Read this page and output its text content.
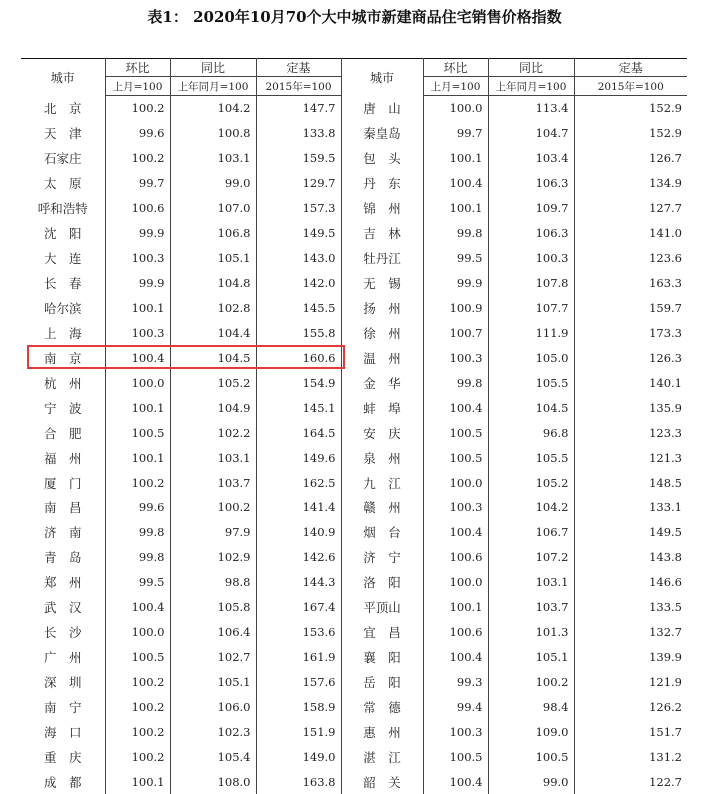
表1： 2020年10月70个大中城市新建商品住宅销售价格指数
城市	环比	同比	定基	城市	环比	同比	定基
	上月=100	上年同月=100	2015年=100		上月=100	上年同月=100	2015年=100
北　京	100.2	104.2	147.7	唐　山	100.0	113.4	152.9
天　津	99.6	100.8	133.8	秦皇岛	99.7	104.7	152.9
石家庄	100.2	103.1	159.5	包　头	100.1	103.4	126.7
太　原	99.7	99.0	129.7	丹　东	100.4	106.3	134.9
呼和浩特	100.6	107.0	157.3	锦　州	100.1	109.7	127.7
沈　阳	99.9	106.8	149.5	吉　林	99.8	106.3	141.0
大　连	100.3	105.1	143.0	牡丹江	99.5	100.3	123.6
长　春	99.9	104.8	142.0	无　锡	99.9	107.8	163.3
哈尔滨	100.1	102.8	145.5	扬　州	100.9	107.7	159.7
上　海	100.3	104.4	155.8	徐　州	100.7	111.9	173.3
南　京	100.4	104.5	160.6	温　州	100.3	105.0	126.3
杭　州	100.0	105.2	154.9	金　华	99.8	105.5	140.1
宁　波	100.1	104.9	145.1	蚌　埠	100.4	104.5	135.9
合　肥	100.5	102.2	164.5	安　庆	100.5	96.8	123.3
福　州	100.1	103.1	149.6	泉　州	100.5	105.5	121.3
厦　门	100.2	103.7	162.5	九　江	100.0	105.2	148.5
南　昌	99.6	100.2	141.4	赣　州	100.3	104.2	133.1
济　南	99.8	97.9	140.9	烟　台	100.4	106.7	149.5
青　岛	99.8	102.9	142.6	济　宁	100.6	107.2	143.8
郑　州	99.5	98.8	144.3	洛　阳	100.0	103.1	146.6
武　汉	100.4	105.8	167.4	平顶山	100.1	103.7	133.5
长　沙	100.0	106.4	153.6	宜　昌	100.6	101.3	132.7
广　州	100.5	102.7	161.9	襄　阳	100.4	105.1	139.9
深　圳	100.2	105.1	157.6	岳　阳	99.3	100.2	121.9
南　宁	100.2	106.0	158.9	常　德	99.4	98.4	126.2
海　口	100.2	102.3	151.9	惠　州	100.3	109.0	151.7
重　庆	100.2	105.4	149.0	湛　江	100.5	100.5	131.2
成　都	100.1	108.0	163.8	韶　关	100.4	99.0	122.7
